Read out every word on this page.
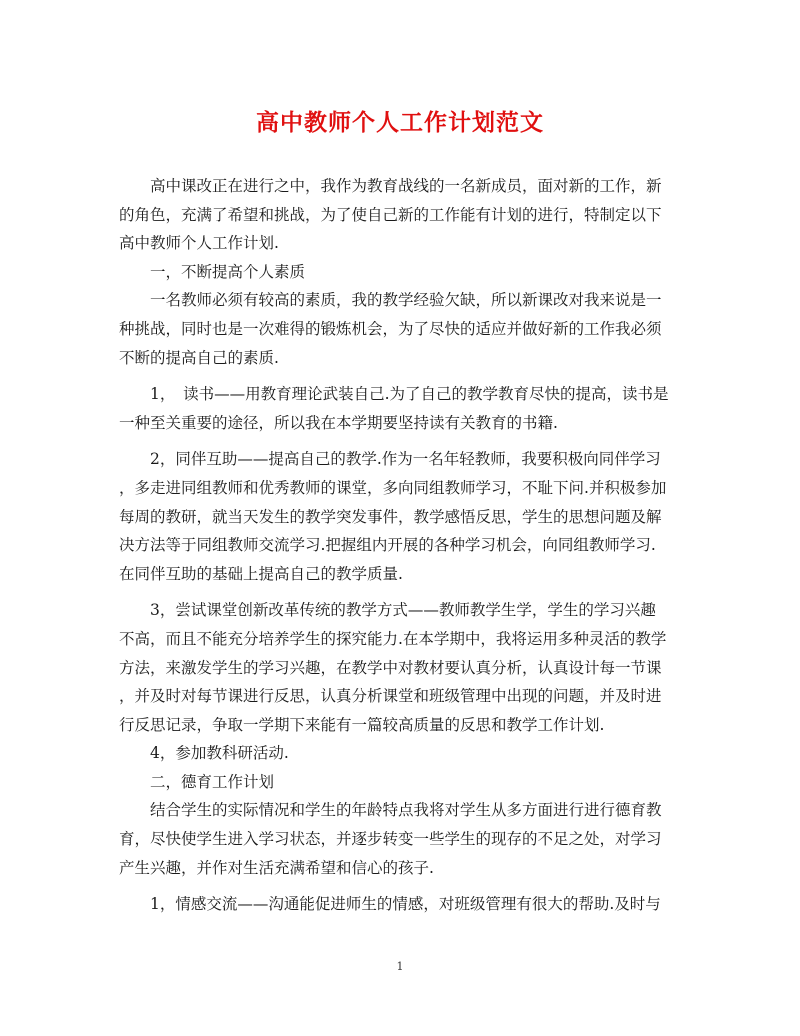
高中教师个人工作计划范文
　　高中课改正在进行之中，我作为教育战线的一名新成员，面对新的工作，新
的角色，充满了希望和挑战，为了使自己新的工作能有计划的进行，特制定以下
高中教师个人工作计划.
　　一，不断提高个人素质
　　一名教师必须有较高的素质，我的教学经验欠缺，所以新课改对我来说是一
种挑战，同时也是一次难得的锻炼机会，为了尽快的适应并做好新的工作我必须
不断的提高自己的素质.
　　1，　读书——用教育理论武装自己.为了自己的教学教育尽快的提高，读书是
一种至关重要的途径，所以我在本学期要坚持读有关教育的书籍.
　　2，同伴互助——提高自己的教学.作为一名年轻教师，我要积极向同伴学习
，多走进同组教师和优秀教师的课堂，多向同组教师学习，不耻下问.并积极参加
每周的教研，就当天发生的教学突发事件，教学感悟反思，学生的思想问题及解
决方法等于同组教师交流学习.把握组内开展的各种学习机会，向同组教师学习.
在同伴互助的基础上提高自己的教学质量.
　　3，尝试课堂创新改革传统的教学方式——教师教学生学，学生的学习兴趣
不高，而且不能充分培养学生的探究能力.在本学期中，我将运用多种灵活的教学
方法，来激发学生的学习兴趣，在教学中对教材要认真分析，认真设计每一节课
，并及时对每节课进行反思，认真分析课堂和班级管理中出现的问题，并及时进
行反思记录，争取一学期下来能有一篇较高质量的反思和教学工作计划.
　　4，参加教科研活动.
　　二，德育工作计划
　　结合学生的实际情况和学生的年龄特点我将对学生从多方面进行进行德育教
育，尽快使学生进入学习状态，并逐步转变一些学生的现存的不足之处，对学习
产生兴趣，并作对生活充满希望和信心的孩子.
　　1，情感交流——沟通能促进师生的情感，对班级管理有很大的帮助.及时与
1
